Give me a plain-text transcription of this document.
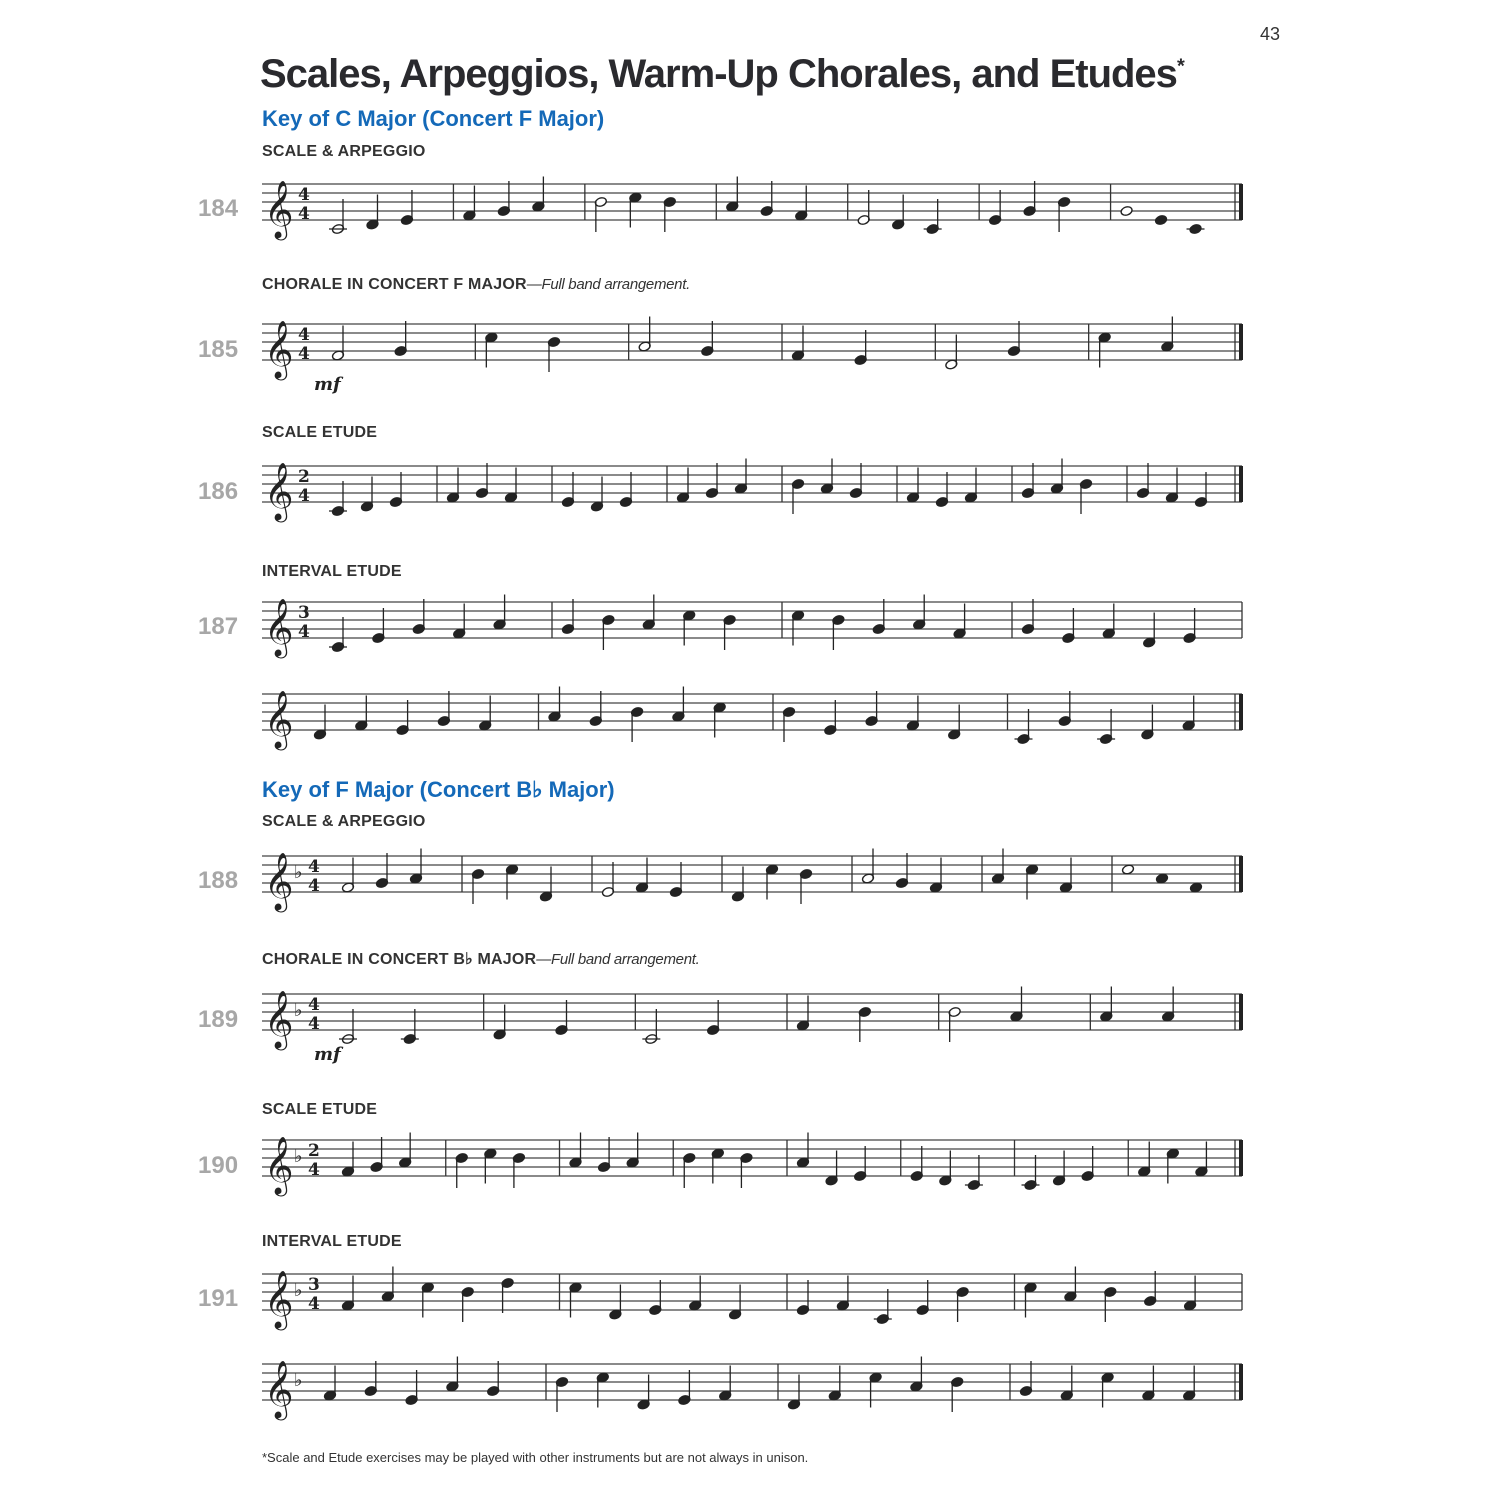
43
Scales, Arpeggios, Warm-Up Chorales, and Etudes*
Key of C Major (Concert F Major)
SCALE & ARPEGGIO
184 𝄞 4
4
CHORALE IN CONCERT F MAJOR—Full band arrangement.
185 𝄞 4
4
mf
SCALE ETUDE
186 𝄞 2
4
INTERVAL ETUDE
187 𝄞 3
4
𝄞
Key of F Major (Concert B♭ Major)
SCALE & ARPEGGIO
188 𝄞 ♭ 4
4
CHORALE IN CONCERT B♭ MAJOR—Full band arrangement.
189 𝄞 ♭ 4
4
mf
SCALE ETUDE
190 𝄞 ♭ 2
4
INTERVAL ETUDE
191 𝄞 ♭ 3
4
𝄞 ♭
*Scale and Etude exercises may be played with other instruments but are not always in unison.
